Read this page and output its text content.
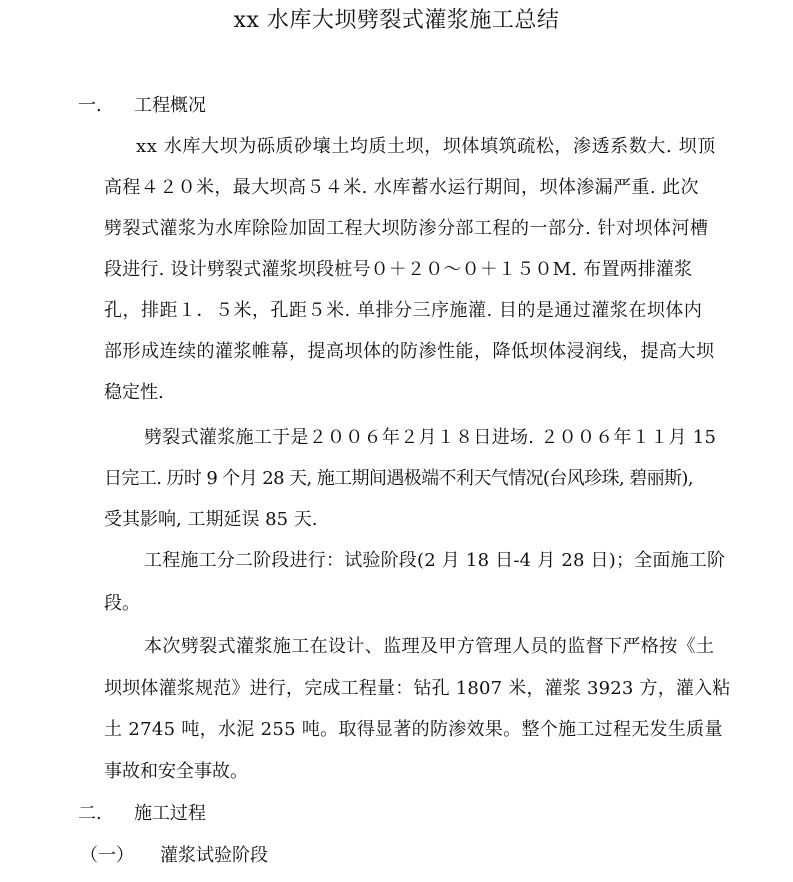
xx 水库大坝劈裂式灌浆施工总结
一. 工程概况
xx 水库大坝为砾质砂壤土均质土坝，坝体填筑疏松，渗透系数大. 坝顶
高程４２０米，最大坝高５４米. 水库蓄水运行期间，坝体渗漏严重. 此次
劈裂式灌浆为水库除险加固工程大坝防渗分部工程的一部分. 针对坝体河槽
段进行. 设计劈裂式灌浆坝段桩号０＋２０～０＋１５０M. 布置两排灌浆
孔，排距１．５米，孔距５米. 单排分三序施灌. 目的是通过灌浆在坝体内
部形成连续的灌浆帷幕，提高坝体的防渗性能，降低坝体浸润线，提高大坝
稳定性.
劈裂式灌浆施工于是２００６年２月１８日进场. ２００６年１１月 15
日完工. 历时 9 个月 28 天, 施工期间遇极端不利天气情况(台风珍珠, 碧丽斯),
受其影响, 工期延误 85 天.
工程施工分二阶段进行：试验阶段(2 月 18 日-4 月 28 日)；全面施工阶
段。
本次劈裂式灌浆施工在设计、监理及甲方管理人员的监督下严格按《土
坝坝体灌浆规范》进行，完成工程量：钻孔 1807 米，灌浆 3923 方，灌入粘
土 2745 吨，水泥 255 吨。取得显著的防渗效果。整个施工过程无发生质量
事故和安全事故。
二. 施工过程
（一） 灌浆试验阶段
